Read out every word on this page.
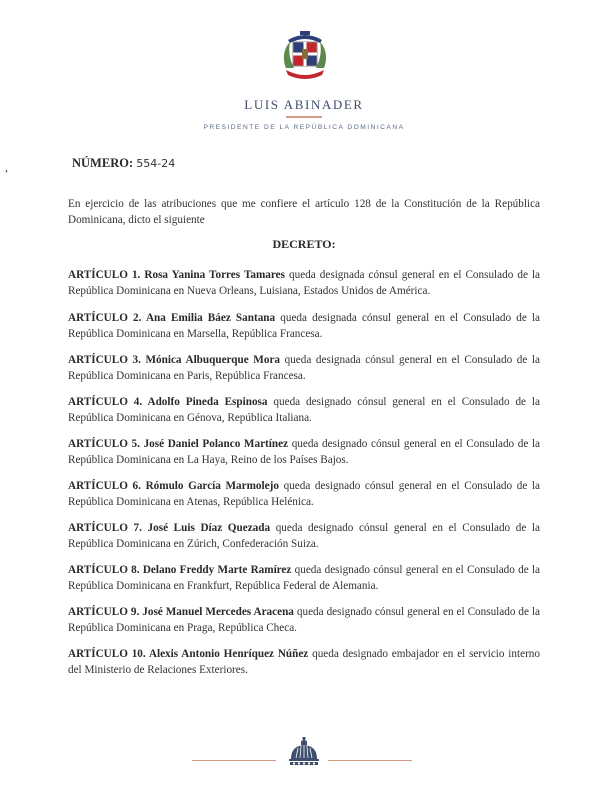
LUIS ABINADER
PRESIDENTE DE LA REPÚBLICA DOMINICANA
,	NÚMERO: 554-24
En ejercicio de las atribuciones que me confiere el artículo 128 de la Constitución de la República Dominicana, dicto el siguiente
DECRETO:
ARTÍCULO 1. Rosa Yanina Torres Tamares queda designada cónsul general en el Consulado de la República Dominicana en Nueva Orleans, Luisiana, Estados Unidos de América.
ARTÍCULO 2. Ana Emilia Báez Santana queda designada cónsul general en el Consulado de la República Dominicana en Marsella, República Francesa.
ARTÍCULO 3. Mónica Albuquerque Mora queda designada cónsul general en el Consulado de la República Dominicana en Paris, República Francesa.
ARTÍCULO 4. Adolfo Pineda Espinosa queda designado cónsul general en el Consulado de la República Dominicana en Génova, República Italiana.
ARTÍCULO 5. José Daniel Polanco Martínez queda designado cónsul general en el Consulado de la República Dominicana en La Haya, Reino de los Países Bajos.
ARTÍCULO 6. Rómulo García Marmolejo queda designado cónsul general en el Consulado de la República Dominicana en Atenas, República Helénica.
ARTÍCULO 7. José Luis Díaz Quezada queda designado cónsul general en el Consulado de la República Dominicana en Zúrich, Confederación Suiza.
ARTÍCULO 8. Delano Freddy Marte Ramírez queda designado cónsul general en el Consulado de la República Dominicana en Frankfurt, República Federal de Alemania.
ARTÍCULO 9. José Manuel Mercedes Aracena queda designado cónsul general en el Consulado de la República Dominicana en Praga, República Checa.
ARTÍCULO 10. Alexis Antonio Henríquez Núñez queda designado embajador en el servicio interno del Ministerio de Relaciones Exteriores.
